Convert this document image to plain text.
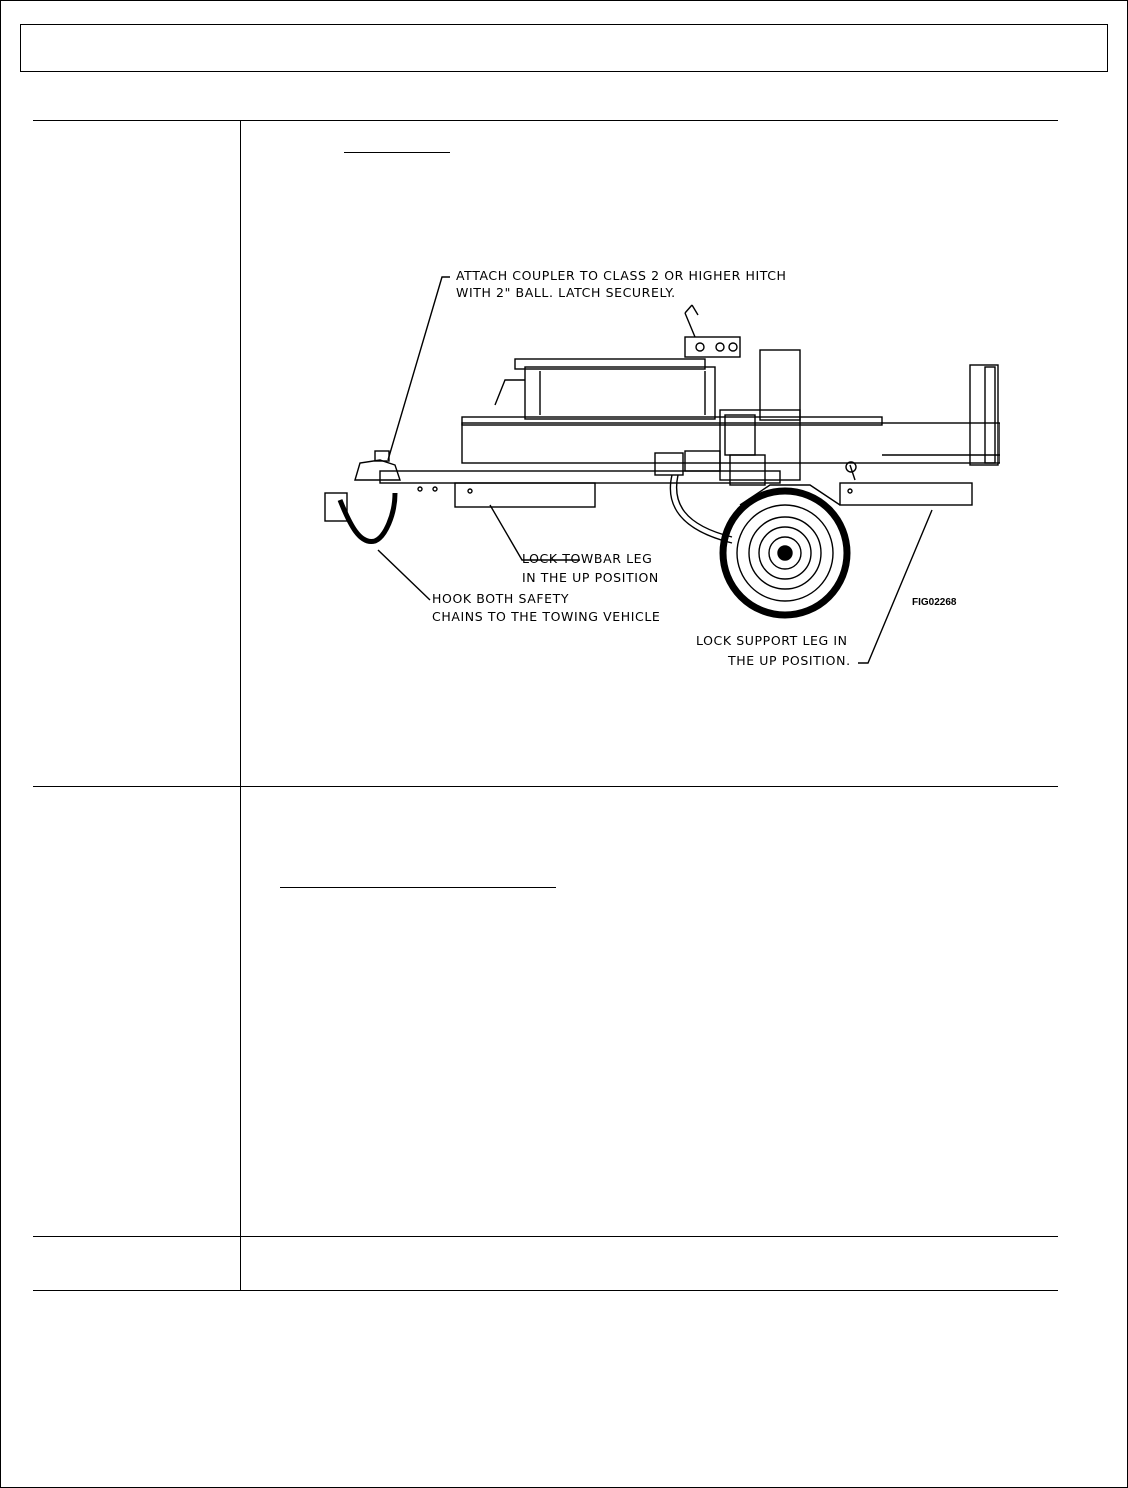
ATTACH COUPLER TO CLASS 2 OR HIGHER HITCH
WITH 2" BALL. LATCH SECURELY.
LOCK TOWBAR LEG
IN THE UP POSITION
HOOK BOTH SAFETY
CHAINS TO THE TOWING VEHICLE
LOCK SUPPORT LEG IN
THE UP POSITION.
FIG02268
